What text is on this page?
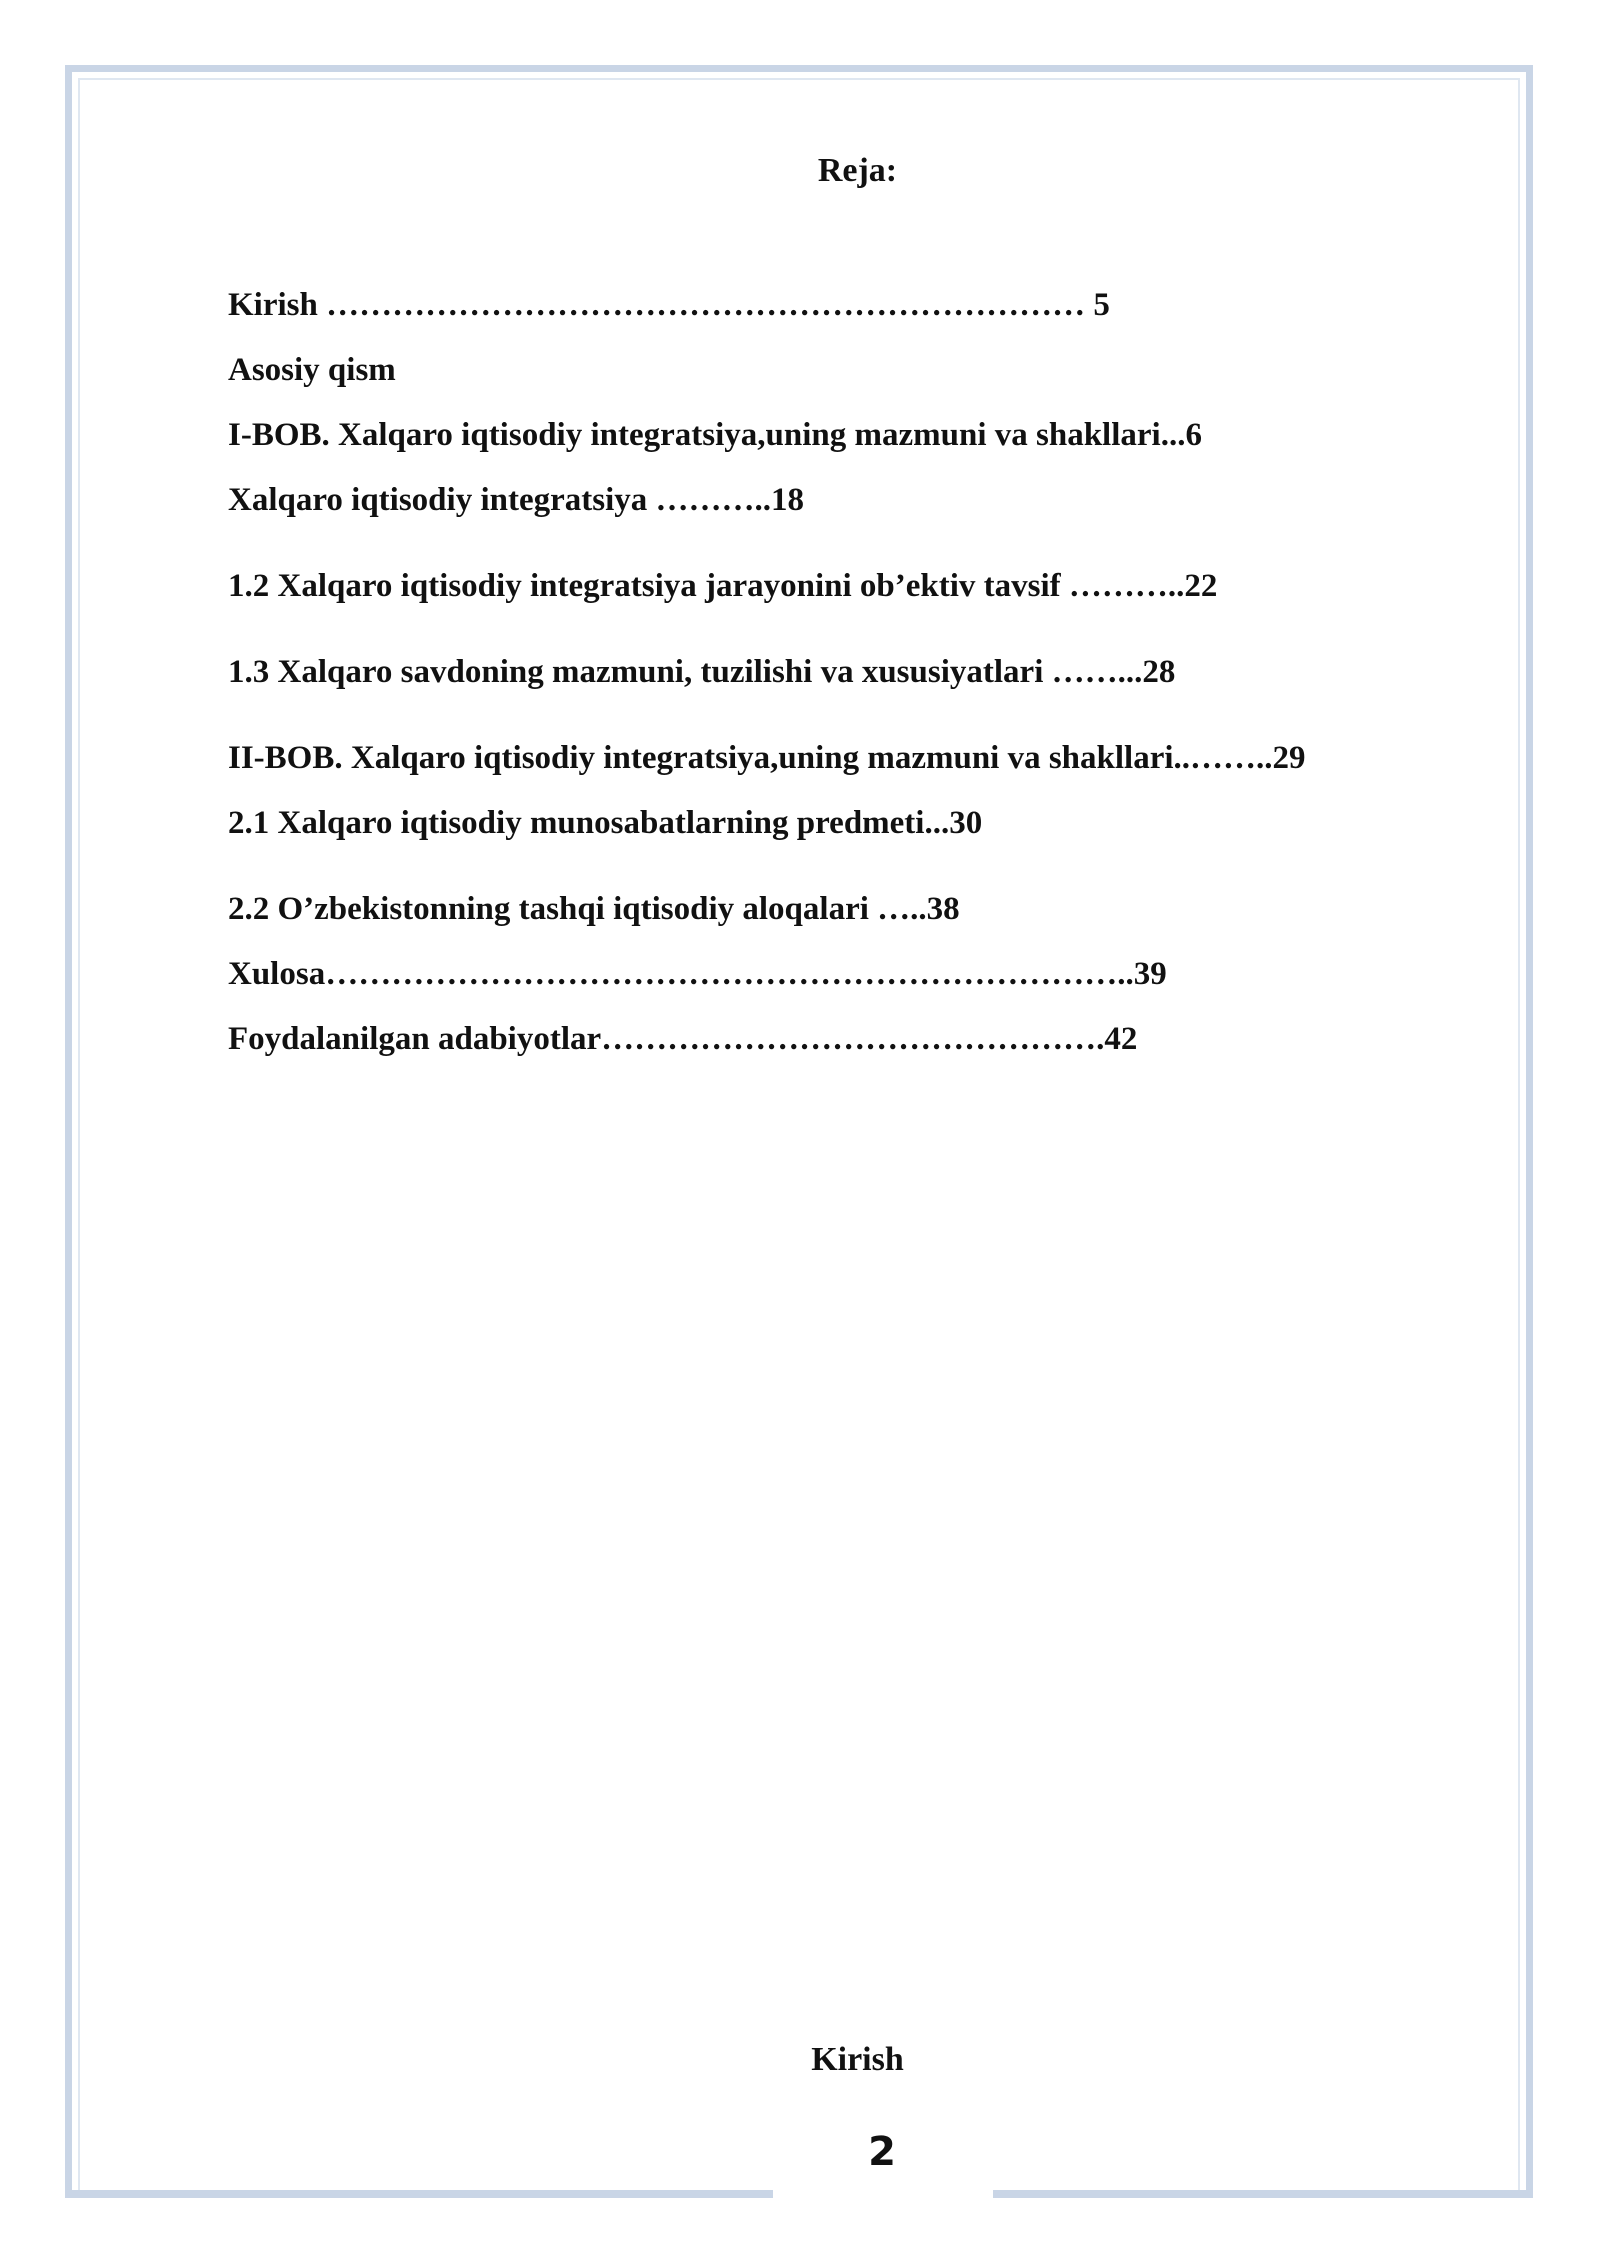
Reja:
Kirish …………………………………………………………… 5
Asosiy qism
I-BOB. Xalqaro iqtisodiy integratsiya,uning mazmuni va shakllari...6
Xalqaro iqtisodiy integratsiya ………..18
1.2 Xalqaro iqtisodiy integratsiya jarayonini ob’ektiv tavsif ………..22
1.3 Xalqaro savdoning mazmuni, tuzilishi va xususiyatlari ……...28
II-BOB. Xalqaro iqtisodiy integratsiya,uning mazmuni va shakllari..……..29
2.1 Xalqaro iqtisodiy munosabatlarning predmeti...30
2.2 O’zbekistonning tashqi iqtisodiy aloqalari …..38
Xulosa………………………………………………………………..39
Foydalanilgan adabiyotlar……………………………………….42
Kirish
2
